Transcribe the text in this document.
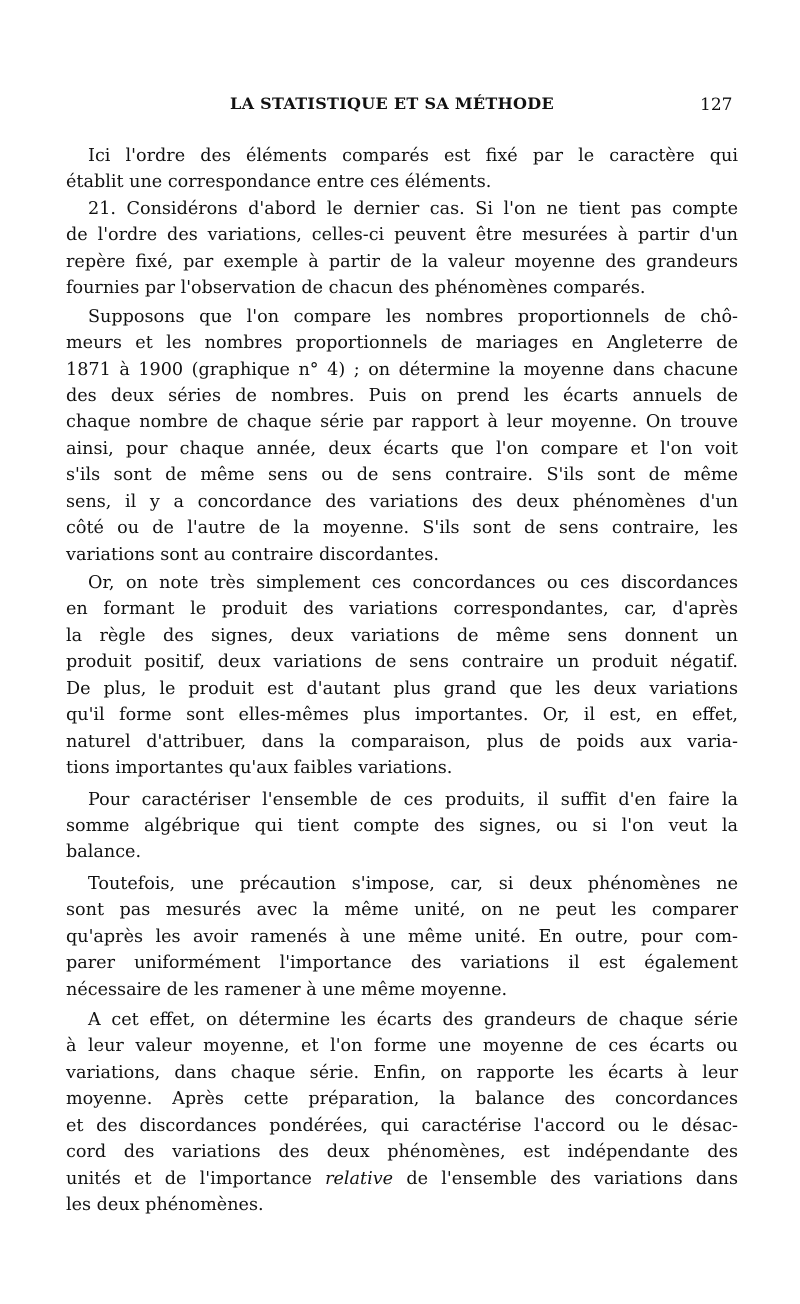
LA STATISTIQUE ET SA MÉTHODE	127
Ici l'ordre des éléments comparés est fixé par le caractère qui
établit une correspondance entre ces éléments.
21. Considérons d'abord le dernier cas. Si l'on ne tient pas compte
de l'ordre des variations, celles-ci peuvent être mesurées à partir d'un
repère fixé, par exemple à partir de la valeur moyenne des grandeurs
fournies par l'observation de chacun des phénomènes comparés.
Supposons que l'on compare les nombres proportionnels de chô-
meurs et les nombres proportionnels de mariages en Angleterre de
1871 à 1900 (graphique n° 4) ; on détermine la moyenne dans chacune
des deux séries de nombres. Puis on prend les écarts annuels de
chaque nombre de chaque série par rapport à leur moyenne. On trouve
ainsi, pour chaque année, deux écarts que l'on compare et l'on voit
s'ils sont de même sens ou de sens contraire. S'ils sont de même
sens, il y a concordance des variations des deux phénomènes d'un
côté ou de l'autre de la moyenne. S'ils sont de sens contraire, les
variations sont au contraire discordantes.
Or, on note très simplement ces concordances ou ces discordances
en formant le produit des variations correspondantes, car, d'après
la règle des signes, deux variations de même sens donnent un
produit positif, deux variations de sens contraire un produit négatif.
De plus, le produit est d'autant plus grand que les deux variations
qu'il forme sont elles-mêmes plus importantes. Or, il est, en effet,
naturel d'attribuer, dans la comparaison, plus de poids aux varia-
tions importantes qu'aux faibles variations.
Pour caractériser l'ensemble de ces produits, il suffit d'en faire la
somme algébrique qui tient compte des signes, ou si l'on veut la
balance.
Toutefois, une précaution s'impose, car, si deux phénomènes ne
sont pas mesurés avec la même unité, on ne peut les comparer
qu'après les avoir ramenés à une même unité. En outre, pour com-
parer uniformément l'importance des variations il est également
nécessaire de les ramener à une même moyenne.
A cet effet, on détermine les écarts des grandeurs de chaque série
à leur valeur moyenne, et l'on forme une moyenne de ces écarts ou
variations, dans chaque série. Enfin, on rapporte les écarts à leur
moyenne. Après cette préparation, la balance des concordances
et des discordances pondérées, qui caractérise l'accord ou le désac-
cord des variations des deux phénomènes, est indépendante des
unités et de l'importance relative de l'ensemble des variations dans
les deux phénomènes.
